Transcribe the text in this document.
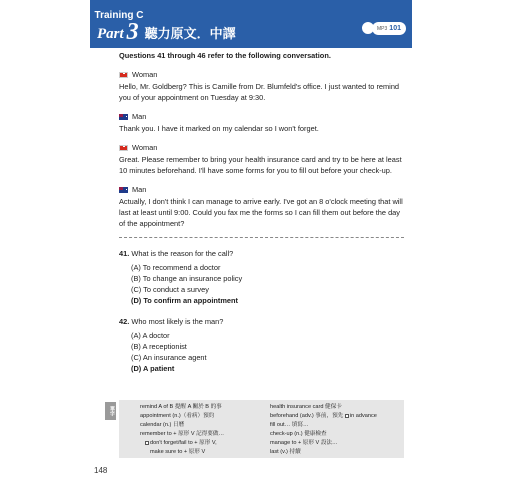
Training C
Part 3 聽力原文．中譯	MP3 101
Questions 41 through 46 refer to the following conversation.
Woman
Hello, Mr. Goldberg? This is Camille from Dr. Blumfeld's office. I just wanted to remind you of your appointment on Tuesday at 9:30.
Man
Thank you. I have it marked on my calendar so I won't forget.
Woman
Great. Please remember to bring your health insurance card and try to be here at least 10 minutes beforehand. I'll have some forms for you to fill out before your check-up.
Man
Actually, I don't think I can manage to arrive early. I've got an 8 o'clock meeting that will last at least until 9:00. Could you fax me the forms so I can fill them out before the day of the appointment?
41. What is the reason for the call?
(A) To recommend a doctor
(B) To change an insurance policy
(C) To conduct a survey
(D) To confirm an appointment
42. Who most likely is the man?
(A) A doctor
(B) A receptionist
(C) An insurance agent
(D) A patient
單字	remind A of B 提醒 A 關於 B 的事
appointment (n.)（看病）預約
calendar (n.) 日曆
remember to + 原形 V 記得要做…
don't forget/fail to + 原形 V,
make sure to + 原形 V
health insurance card 健保卡
beforehand (adv.) 事前，預先 in advance
fill out… 填寫…
check-up (n.) 健康檢查
manage to + 原形 V 設法…
last (v.) 持續
148
